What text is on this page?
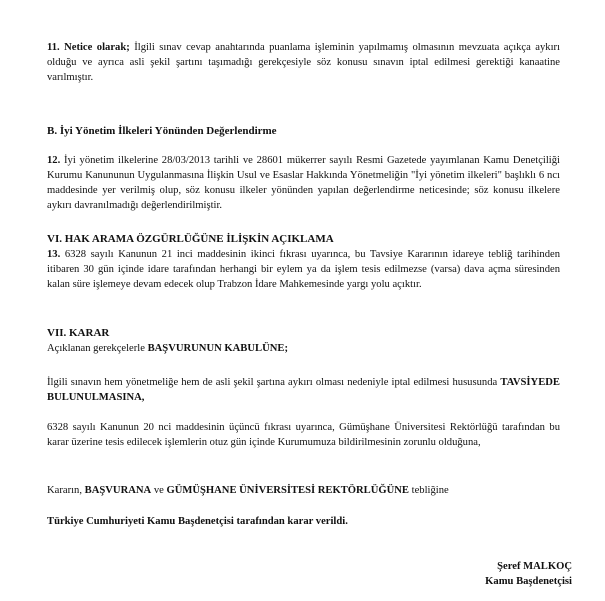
11. Netice olarak; İlgili sınav cevap anahtarında puanlama işleminin yapılmamış olmasının mevzuata açıkça aykırı olduğu ve ayrıca asli şekil şartını taşımadığı gerekçesiyle söz konusu sınavın iptal edilmesi gerektiği kanaatine varılmıştır.

B. İyi Yönetim İlkeleri Yönünden Değerlendirme

12. İyi yönetim ilkelerine 28/03/2013 tarihli ve 28601 mükerrer sayılı Resmi Gazetede yayımlanan Kamu Denetçiliği Kurumu Kanununun Uygulanmasına İlişkin Usul ve Esaslar Hakkında Yönetmeliğin "İyi yönetim ilkeleri" başlıklı 6 ncı maddesinde yer verilmiş olup, söz konusu ilkeler yönünden yapılan değerlendirme neticesinde; söz konusu ilkelere aykırı davranılmadığı değerlendirilmiştir.

VI. HAK ARAMA ÖZGÜRLÜĞÜNE İLİŞKİN AÇIKLAMA

13. 6328 sayılı Kanunun 21 inci maddesinin ikinci fıkrası uyarınca, bu Tavsiye Kararının idareye tebliğ tarihinden itibaren 30 gün içinde idare tarafından herhangi bir eylem ya da işlem tesis edilmezse (varsa) dava açma süresinden kalan süre işlemeye devam edecek olup Trabzon İdare Mahkemesinde yargı yolu açıktır.

VII. KARAR

Açıklanan gerekçelerle BAŞVURUNUN KABULÜNE;

İlgili sınavın hem yönetmeliğe hem de asli şekil şartına aykırı olması nedeniyle iptal edilmesi hususunda TAVSİYEDE BULUNULMASINA,

6328 sayılı Kanunun 20 nci maddesinin üçüncü fıkrası uyarınca, Gümüşhane Üniversitesi Rektörlüğü tarafından bu karar üzerine tesis edilecek işlemlerin otuz gün içinde Kurumumuza bildirilmesinin zorunlu olduğuna,

Kararın, BAŞVURANA ve GÜMÜŞHANE ÜNİVERSİTESİ REKTÖRLÜĞÜNE tebliğine

Türkiye Cumhuriyeti Kamu Başdenetçisi tarafından karar verildi.

Şeref MALKOÇ
Kamu Başdenetçisi
